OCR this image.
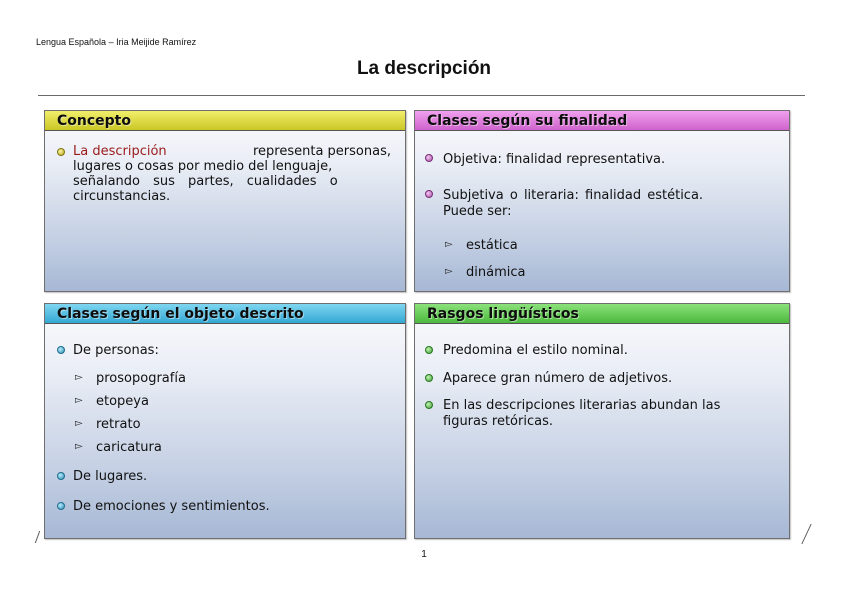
Lengua Española – Iria Meijide Ramírez
La descripción
Concepto
La descripción	representa personas,
lugares o cosas por medio del lenguaje,
señalando sus partes, cualidades o
circunstancias.
Clases según su finalidad
Objetiva: finalidad representativa.
Subjetiva o literaria: finalidad estética.
Puede ser:
▻ estática
▻ dinámica
Clases según el objeto descrito
De personas:
▻ prosopografía
▻ etopeya
▻ retrato
▻ caricatura
De lugares.
De emociones y sentimientos.
Rasgos lingüísticos
Predomina el estilo nominal.
Aparece gran número de adjetivos.
En las descripciones literarias abundan las
figuras retóricas.
1
